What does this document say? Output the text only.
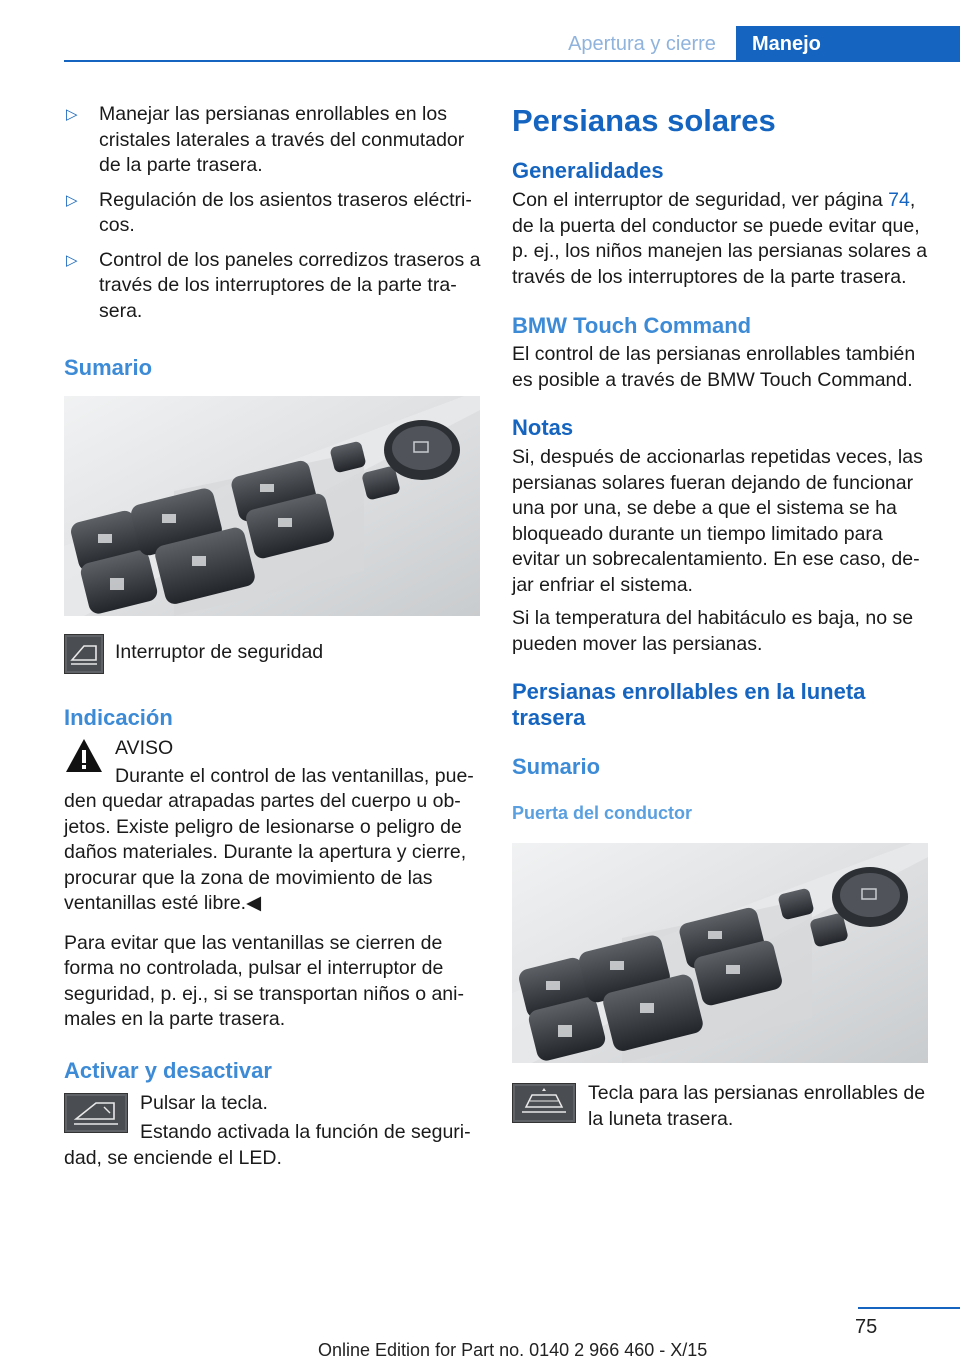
Apertura y cierre	Manejo
▷ Manejar las persianas enrollables en los cristales laterales a través del conmutador de la parte trasera.
▷ Regulación de los asientos traseros eléctricos.
▷ Control de los paneles corredizos traseros a través de los interruptores de la parte trasera.
Sumario

Interruptor de seguridad

Indicación

AVISO

Durante el control de las ventanillas, pueden quedar atrapadas partes del cuerpo u objetos. Existe peligro de lesionarse o peligro de daños materiales. Durante la apertura y cierre, procurar que la zona de movimiento de las ventanillas esté libre.◀

Para evitar que las ventanillas se cierren de forma no controlada, pulsar el interruptor de seguridad, p. ej., si se transportan niños o animales en la parte trasera.

Activar y desactivar

Pulsar la tecla.

Estando activada la función de seguridad, se enciende el LED.

Persianas solares
Generalidades

Con el interruptor de seguridad, ver página 74, de la puerta del conductor se puede evitar que, p. ej., los niños manejen las persianas solares a través de los interruptores de la parte trasera.

BMW Touch Command

El control de las persianas enrollables también es posible a través de BMW Touch Command.

Notas

Si, después de accionarlas repetidas veces, las persianas solares fueran dejando de funcionar una por una, se debe a que el sistema se ha bloqueado durante un tiempo limitado para evitar un sobrecalentamiento. En ese caso, dejar enfriar el sistema.

Si la temperatura del habitáculo es baja, no se pueden mover las persianas.

Persianas enrollables en la luneta trasera
Sumario
Puerta del conductor

Tecla para las persianas enrollables de la luneta trasera.

75
Online Edition for Part no. 0140 2 966 460 - X/15
